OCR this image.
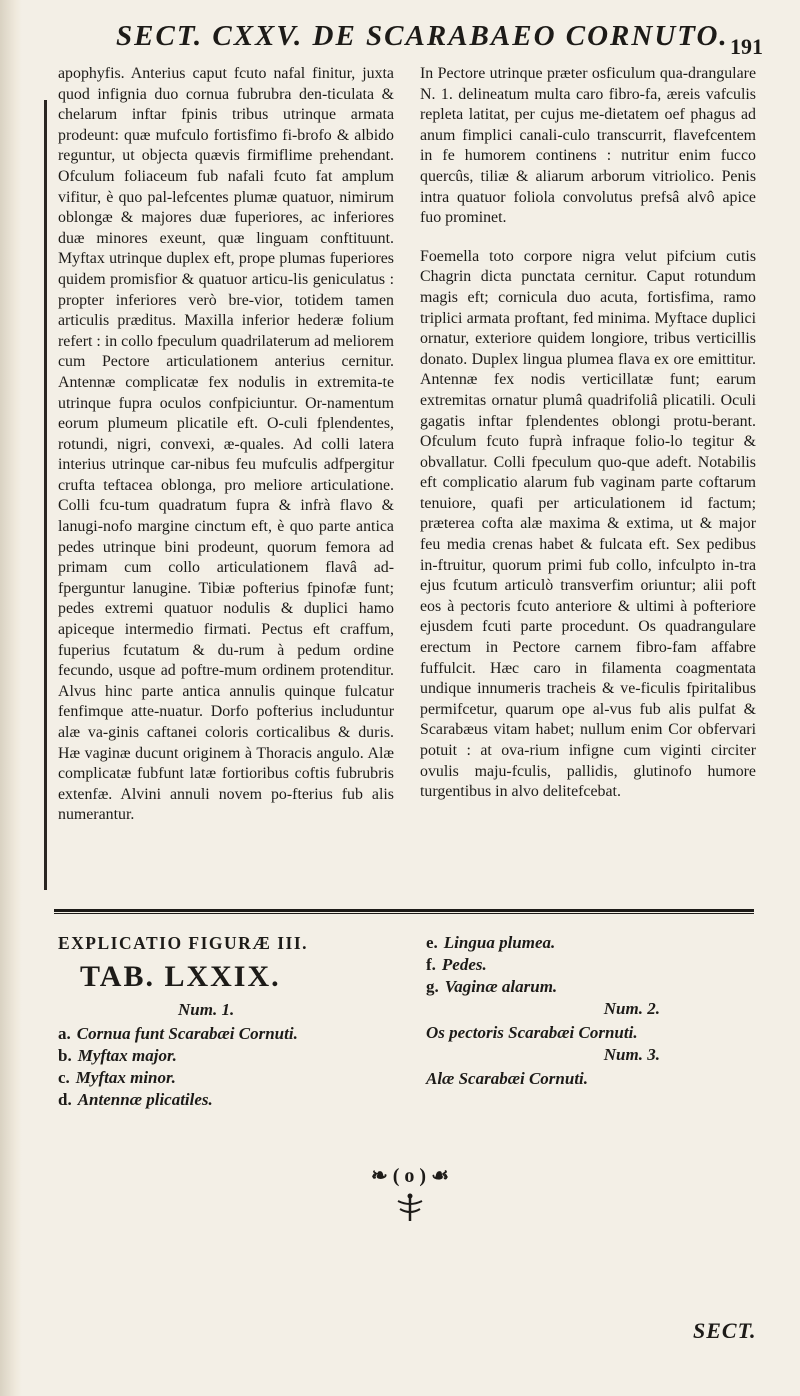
SECT. CXXV. DE SCARABAEO CORNUTO. 191

apophyfis. Anterius caput fcuto nafal finitur, juxta quod infignia duo cornua fubrubra den-ticulata & chelarum inftar fpinis tribus utrinque armata prodeunt: quæ mufculo fortisfimo fi-brofo & albido reguntur, ut objecta quævis firmiflime prehendant. Ofculum foliaceum fub nafali fcuto fat amplum vifitur, è quo pal-lefcentes plumæ quatuor, nimirum oblongæ & majores duæ fuperiores, ac inferiores duæ minores exeunt, quæ linguam conftituunt. Myftax utrinque duplex eft, prope plumas fuperiores quidem promisfior & quatuor articu-lis geniculatus : propter inferiores verò bre-vior, totidem tamen articulis præditus. Maxilla inferior hederæ folium refert : in collo fpeculum quadrilaterum ad meliorem cum Pectore articulationem anterius cernitur. Antennæ complicatæ fex nodulis in extremita-te utrinque fupra oculos confpiciuntur. Or-namentum eorum plumeum plicatile eft. O-culi fplendentes, rotundi, nigri, convexi, æ-quales. Ad colli latera interius utrinque car-nibus feu mufculis adfpergitur crufta teftacea oblonga, pro meliore articulatione. Colli fcu-tum quadratum fupra & infrà flavo & lanugi-nofo margine cinctum eft, è quo parte antica pedes utrinque bini prodeunt, quorum femora ad primam cum collo articulationem flavâ ad-fperguntur lanugine. Tibiæ pofterius fpinofæ funt; pedes extremi quatuor nodulis & duplici hamo apiceque intermedio firmati. Pectus eft craffum, fuperius fcutatum & du-rum à pedum ordine fecundo, usque ad poftre-mum ordinem protenditur. Alvus hinc parte antica annulis quinque fulcatur fenfimque atte-nuatur. Dorfo pofterius includuntur alæ va-ginis caftanei coloris corticalibus & duris. Hæ vaginæ ducunt originem à Thoracis angulo. Alæ complicatæ fubfunt latæ fortioribus coftis fubrubris extenfæ. Alvini annuli novem po-fterius fub alis numerantur.

In Pectore utrinque præter osficulum qua-drangulare N. 1. delineatum multa caro fibro-fa, æreis vafculis repleta latitat, per cujus me-dietatem oef phagus ad anum fimplici canali-culo transcurrit, flavefcentem in fe humorem continens : nutritur enim fucco quercûs, tiliæ & aliarum arborum vitriolico. Penis intra quatuor foliola convolutus prefsâ alvô apice fuo prominet.

Foemella toto corpore nigra velut pifcium cutis Chagrin dicta punctata cernitur. Caput rotundum magis eft; cornicula duo acuta, fortisfima, ramo triplici armata proftant, fed minima. Myftace duplici ornatur, exteriore quidem longiore, tribus verticillis donato. Duplex lingua plumea flava ex ore emittitur. Antennæ fex nodis verticillatæ funt; earum extremitas ornatur plumâ quadrifoliâ plicatili. Oculi gagatis inftar fplendentes oblongi protu-berant. Ofculum fcuto fuprà infraque folio-lo tegitur & obvallatur. Colli fpeculum quo-que adeft. Notabilis eft complicatio alarum fub vaginam parte coftarum tenuiore, quafi per articulationem id factum; præterea cofta alæ maxima & extima, ut & major feu media crenas habet & fulcata eft. Sex pedibus in-ftruitur, quorum primi fub collo, infculpto in-tra ejus fcutum articulò transverfim oriuntur; alii poft eos à pectoris fcuto anteriore & ultimi à pofteriore ejusdem fcuti parte procedunt. Os quadrangulare erectum in Pectore carnem fibro-fam affabre fuffulcit. Hæc caro in filamenta coagmentata undique innumeris tracheis & ve-ficulis fpiritalibus permifcetur, quarum ope al-vus fub alis pulfat & Scarabæus vitam habet; nullum enim Cor obfervari potuit : at ova-rium infigne cum viginti circiter ovulis maju-fculis, pallidis, glutinofo humore turgentibus in alvo delitefcebat.

EXPLICATIO FIGURÆ III.
TAB. LXXIX.
Num. 1.
a. Cornua funt Scarabæi Cornuti.
b. Myftax major.
c. Myftax minor.
d. Antennæ plicatiles.
e. Lingua plumea.
f. Pedes.
g. Vaginæ alarum.
Num. 2.
Os pectoris Scarabæi Cornuti.
Num. 3.
Alæ Scarabæi Cornuti.
❧ ( o ) ☙
SECT.
